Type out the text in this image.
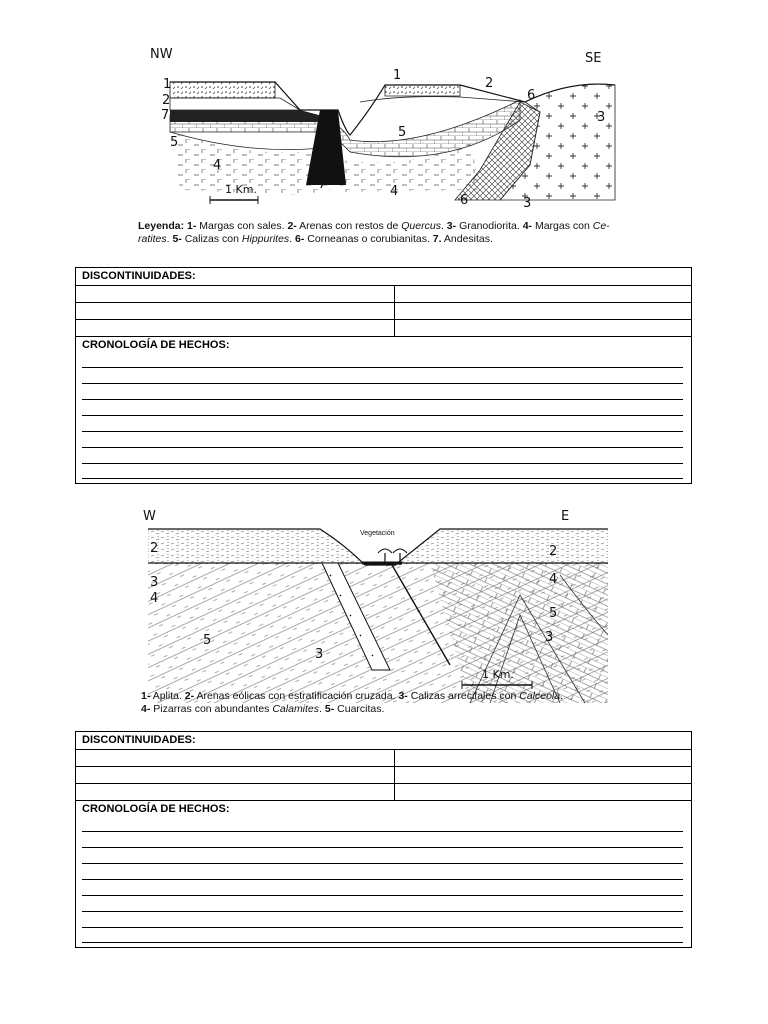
NW	SE
1 Km.
1
2
7
5
4
7	4
1
2
5
6
3
6	3
Leyenda: 1- Margas con sales. 2- Arenas con restos de Quercus. 3- Granodiorita. 4- Margas con Ce-ratites. 5- Calizas con Hippurites. 6- Corneanas o corubianitas. 7. Andesitas.
DISCONTINUIDADES:
CRONOLOGÍA DE HECHOS:
W	E
Vegetación
1 Km.
2
3
4
5
2
4
3
5
3
1- Aplita. 2- Arenas eólicas con estratificación cruzada. 3- Calizas arrecifales con Calceola.
4- Pizarras con abundantes Calamites. 5- Cuarcitas.
DISCONTINUIDADES:
CRONOLOGÍA DE HECHOS:
